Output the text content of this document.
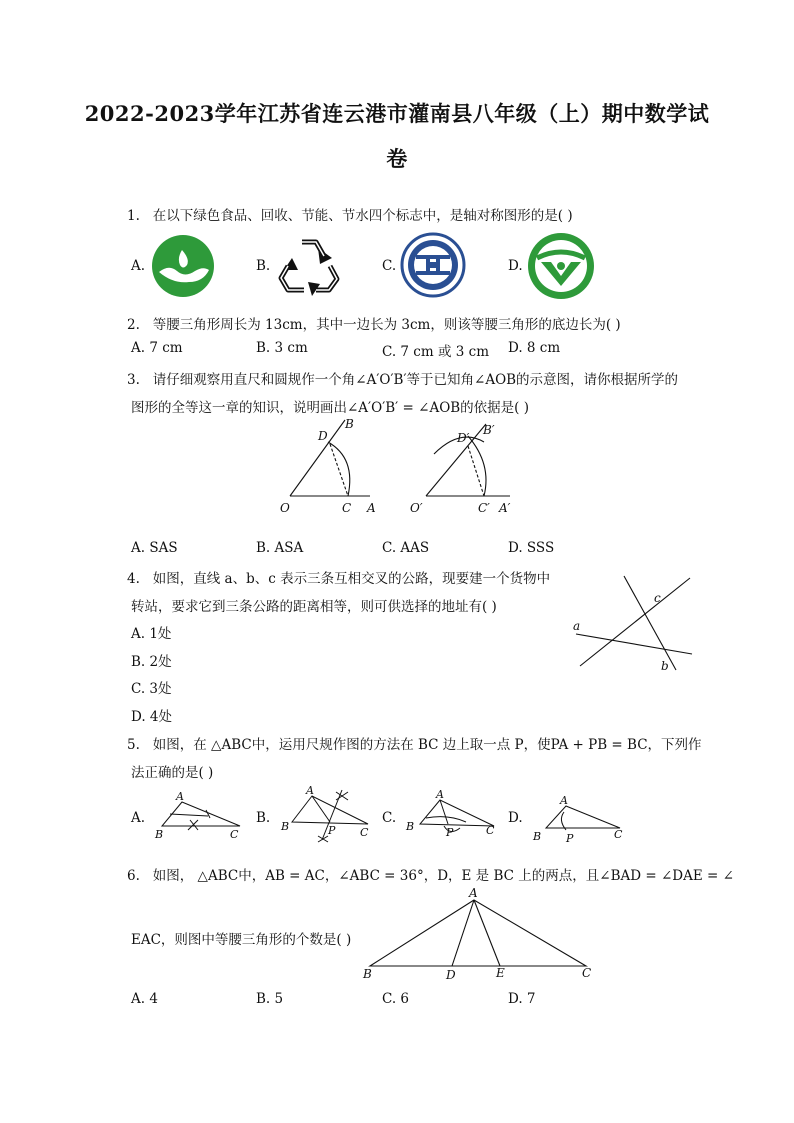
2022-2023学年江苏省连云港市灌南县八年级（上）期中数学试
卷
1. 在以下绿色食品、回收、节能、节水四个标志中，是轴对称图形的是( )
A.	B.	C.	D.
2. 等腰三角形周长为 13cm，其中一边长为 3cm，则该等腰三角形的底边长为( )
A. 7 cm	B. 3 cm	C. 7 cm 或 3 cm D. 8 cm
3. 请仔细观察用直尺和圆规作一个角∠A′O′B′等于已知角∠AOB的示意图，请你根据所学的
图形的全等这一章的知识，说明画出∠A′O′B′ = ∠AOB的依据是( )
O	C A
D
B
O′	C′ A′
D′
B′
A. SAS	B. ASA	C. AAS	D. SSS
4. 如图，直线 a、b、c 表示三条互相交叉的公路，现要建一个货物中
转站，要求它到三条公路的距离相等，则可供选择的地址有( )
A. 1处
B. 2处
C. 3处
D. 4处
a
b
c
5. 如图，在 △ABC中，运用尺规作图的方法在 BC 边上取一点 P，使PA + PB = BC，下列作
法正确的是( )
A.	B.	C.	D.
A
B	C
A
B	C
P
A
B	C
P
A
B	C
P
6. 如图， △ABC中，AB = AC，∠ABC = 36°，D，E 是 BC 上的两点，且∠BAD = ∠DAE = ∠
EAC，则图中等腰三角形的个数是( )
A
B	D	E	C
A. 4	B. 5	C. 6	D. 7
